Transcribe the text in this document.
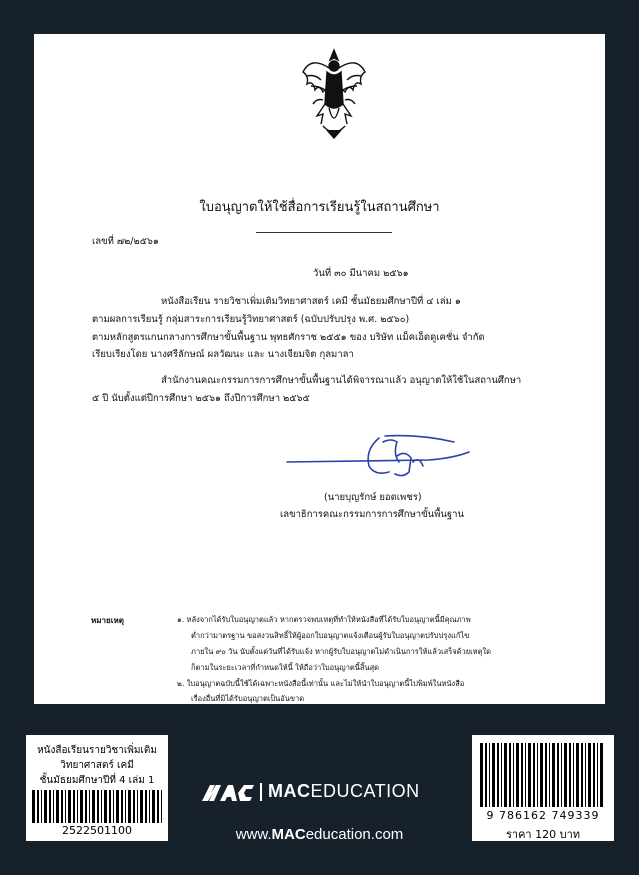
ใบอนุญาตให้ใช้สื่อการเรียนรู้ในสถานศึกษา
เลขที่ ๗๒/๒๕๖๑
วันที่ ๓๐ มีนาคม ๒๕๖๑
หนังสือเรียน รายวิชาเพิ่มเติมวิทยาศาสตร์ เคมี ชั้นมัธยมศึกษาปีที่ ๔ เล่ม ๑
ตามผลการเรียนรู้ กลุ่มสาระการเรียนรู้วิทยาศาสตร์ (ฉบับปรับปรุง พ.ศ. ๒๕๖๐)
ตามหลักสูตรแกนกลางการศึกษาขั้นพื้นฐาน พุทธศักราช ๒๕๕๑ ของ บริษัท แม็คเอ็ดดูเคชั่น จำกัด
เรียบเรียงโดย นางศรีลักษณ์ ผลวัฒนะ และ นางเจียมจิต กุลมาลา
สำนักงานคณะกรรมการการศึกษาขั้นพื้นฐานได้พิจารณาแล้ว อนุญาตให้ใช้ในสถานศึกษา
๕ ปี นับตั้งแต่ปีการศึกษา ๒๕๖๑ ถึงปีการศึกษา ๒๕๖๕
(นายบุญรักษ์ ยอดเพชร)
เลขาธิการคณะกรรมการการศึกษาขั้นพื้นฐาน
หมายเหตุ	๑. หลังจากได้รับใบอนุญาตแล้ว หากตรวจพบเหตุที่ทำให้หนังสือที่ได้รับใบอนุญาตนี้มีคุณภาพ
ต่ำกว่ามาตรฐาน ขอสงวนสิทธิ์ให้ผู้ออกใบอนุญาตแจ้งเตือนผู้รับใบอนุญาตปรับปรุงแก้ไข
ภายใน ๙๐ วัน นับตั้งแต่วันที่ได้รับแจ้ง หากผู้รับใบอนุญาตไม่ดำเนินการให้แล้วเสร็จด้วยเหตุใด
ก็ตามในระยะเวลาที่กำหนดให้นี้ ให้ถือว่าใบอนุญาตนี้สิ้นสุด
๒. ใบอนุญาตฉบับนี้ใช้ได้เฉพาะหนังสือนี้เท่านั้น และไม่ให้นำใบอนุญาตนี้ไปพิมพ์ในหนังสือ
เรื่องอื่นที่มิได้รับอนุญาตเป็นอันขาด
หนังสือเรียนรายวิชาเพิ่มเติม
วิทยาศาสตร์ เคมี
ชั้นมัธยมศึกษาปีที่ 4 เล่ม 1
2522501100
MACEDUCATION
www.MACeducation.com
9 786162 749339
ราคา 120 บาท
